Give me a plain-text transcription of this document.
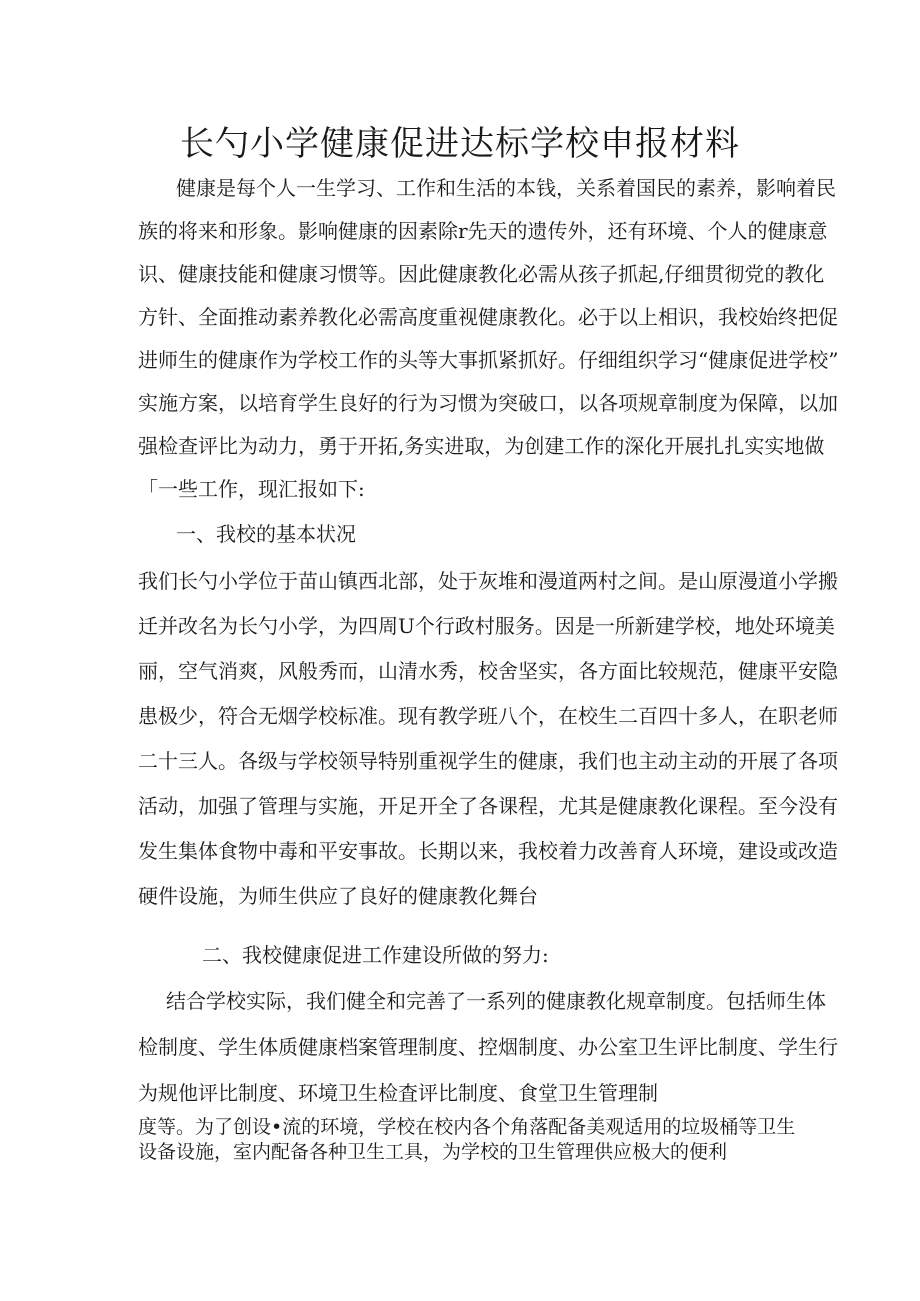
长勺小学健康促进达标学校申报材料
健康是每个人一生学习、工作和生活的本钱，关系着国民的素养，影响着民
族的将来和形象。影响健康的因素除r先天的遗传外，还有环境、个人的健康意
识、健康技能和健康习惯等。因此健康教化必需从孩子抓起,仔细贯彻党的教化
方针、全面推动素养教化必需高度重视健康教化。必于以上相识，我校始终把促
进师生的健康作为学校工作的头等大事抓紧抓好。仔细组织学习“健康促进学校”
实施方案，以培育学生良好的行为习惯为突破口，以各项规章制度为保障，以加
强检查评比为动力，勇于开拓,务实进取，为创建工作的深化开展扎扎实实地做
「一些工作，现汇报如下:
一、我校的基本状况
我们长勺小学位于苗山镇西北部，处于灰堆和漫道两村之间。是山原漫道小学搬
迁并改名为长勺小学，为四周U个行政村服务。因是一所新建学校，地处环境美
丽，空气消爽，风般秀而，山清水秀，校舍坚实，各方面比较规范，健康平安隐
患极少，符合无烟学校标准。现有教学班八个，在校生二百四十多人，在职老师
二十三人。各级与学校领导特别重视学生的健康，我们也主动主动的开展了各项
活动，加强了管理与实施，开足开全了各课程，尤其是健康教化课程。至今没有
发生集体食物中毒和平安事故。长期以来，我校着力改善育人环境，建设或改造
硬件设施，为师生供应了良好的健康教化舞台
二、我校健康促进工作建设所做的努力:
结合学校实际，我们健全和完善了一系列的健康教化规章制度。包括师生体
检制度、学生体质健康档案管理制度、控烟制度、办公室卫生评比制度、学生行
为规他评比制度、环境卫生检査评比制度、食堂卫生管理制
度等。为了创设•流的环境，学校在校内各个角落配备美观适用的垃圾桶等卫生
设备设施，室内配备各种卫生工具，为学校的卫生管理供应极大的便利
